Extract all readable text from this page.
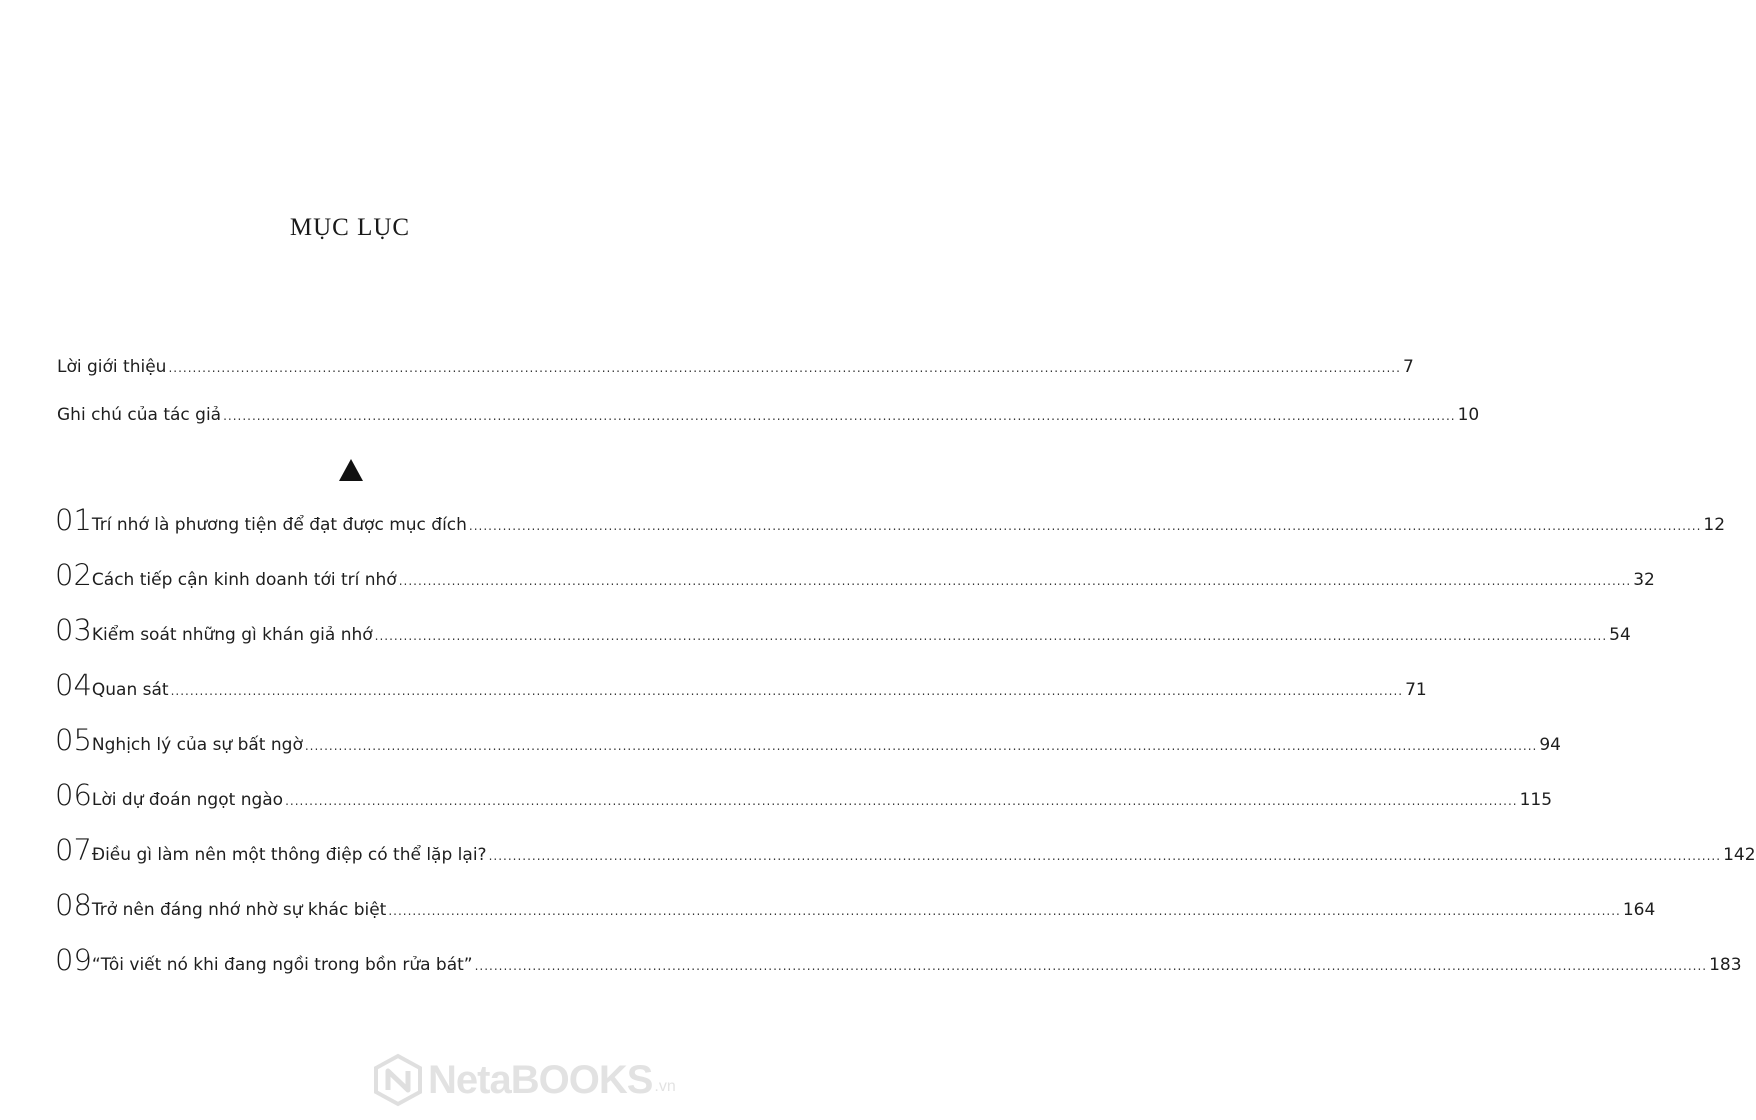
MỤC LỤC
Lời giới thiệu .....	7
Ghi chú của tác giả .....	10
01 Trí nhớ là phương tiện để đạt được mục đích .....	12
02 Cách tiếp cận kinh doanh tới trí nhớ .....	32
03 Kiểm soát những gì khán giả nhớ .....	54
04 Quan sát .....	71
05 Nghịch lý của sự bất ngờ .....	94
06 Lời dự đoán ngọt ngào .....	115
07 Điều gì làm nên một thông điệp có thể lặp lại? .....	142
08 Trở nên đáng nhớ nhờ sự khác biệt .....	164
09 “Tôi viết nó khi đang ngồi trong bồn rửa bát” .....	183
NetaBOOKS .vn
